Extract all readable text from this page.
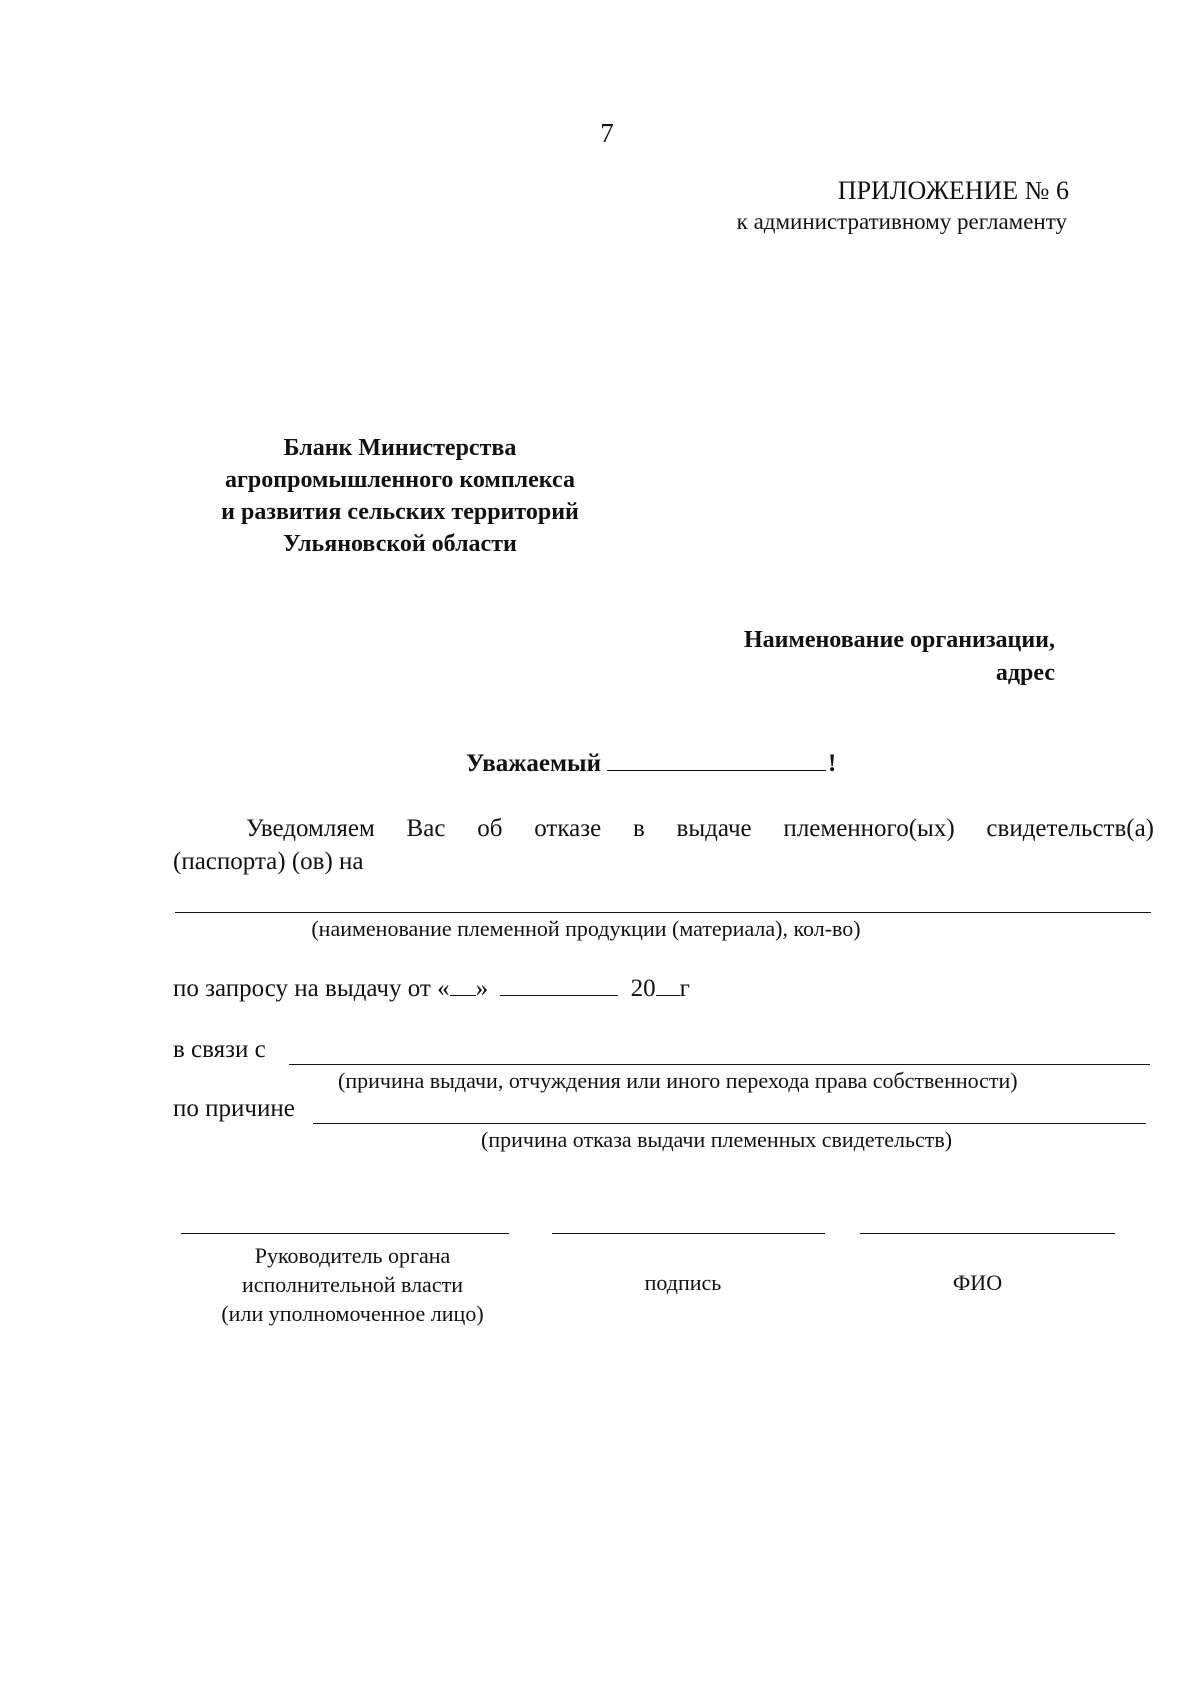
7
ПРИЛОЖЕНИЕ № 6
к административному регламенту
Бланк Министерства
агропромышленного комплекса
и развития сельских территорий
Ульяновской области
Наименование организации,
адрес
Уважаемый	!
Уведомляем Вас об отказе в выдаче племенного(ых) свидетельств(а)
(паспорта) (ов) на
(наименование племенной продукции (материала), кол-во)
по запросу на выдачу от « »	20 г
в связи с
(причина выдачи, отчуждения или иного перехода права собственности)
по причине
(причина отказа выдачи племенных свидетельств)
Руководитель органа
исполнительной власти
(или уполномоченное лицо)
подпись	ФИО
